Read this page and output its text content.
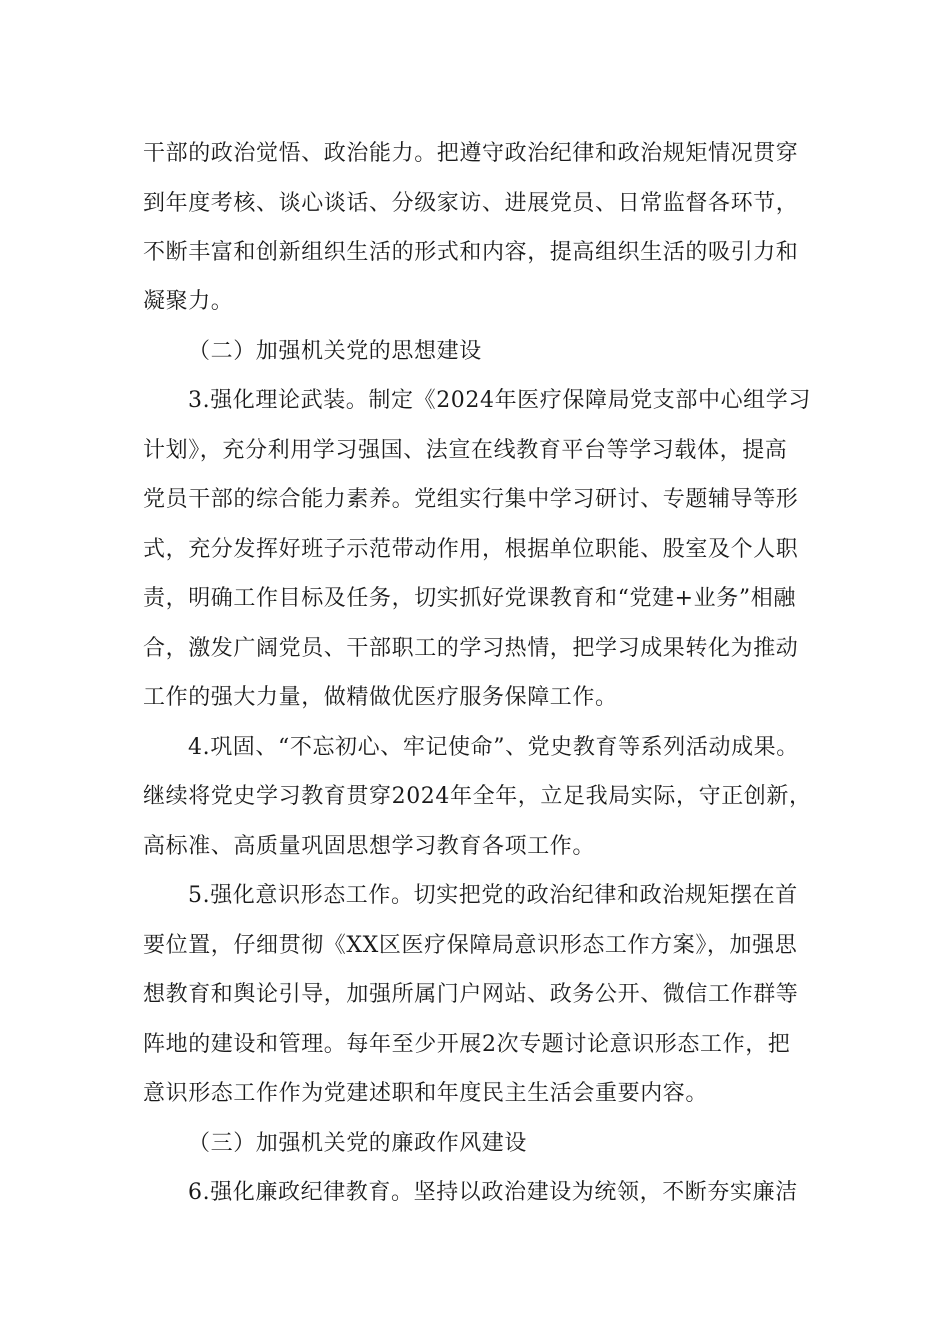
干部的政治觉悟、政治能力。把遵守政治纪律和政治规矩情况贯穿
到年度考核、谈心谈话、分级家访、进展党员、日常监督各环节，
不断丰富和创新组织生活的形式和内容，提高组织生活的吸引力和
凝聚力。
（二）加强机关党的思想建设
3.强化理论武装。制定《2024年医疗保障局党支部中心组学习
计划》，充分利用学习强国、法宣在线教育平台等学习载体，提高
党员干部的综合能力素养。党组实行集中学习研讨、专题辅导等形
式，充分发挥好班子示范带动作用，根据单位职能、股室及个人职
责，明确工作目标及任务，切实抓好党课教育和“党建+业务”相融
合，激发广阔党员、干部职工的学习热情，把学习成果转化为推动
工作的强大力量，做精做优医疗服务保障工作。
4.巩固、“不忘初心、牢记使命”、党史教育等系列活动成果。
继续将党史学习教育贯穿2024年全年，立足我局实际，守正创新，
高标准、高质量巩固思想学习教育各项工作。
5.强化意识形态工作。切实把党的政治纪律和政治规矩摆在首
要位置，仔细贯彻《XX区医疗保障局意识形态工作方案》，加强思
想教育和舆论引导，加强所属门户网站、政务公开、微信工作群等
阵地的建设和管理。每年至少开展2次专题讨论意识形态工作，把
意识形态工作作为党建述职和年度民主生活会重要内容。
（三）加强机关党的廉政作风建设
6.强化廉政纪律教育。坚持以政治建设为统领，不断夯实廉洁
